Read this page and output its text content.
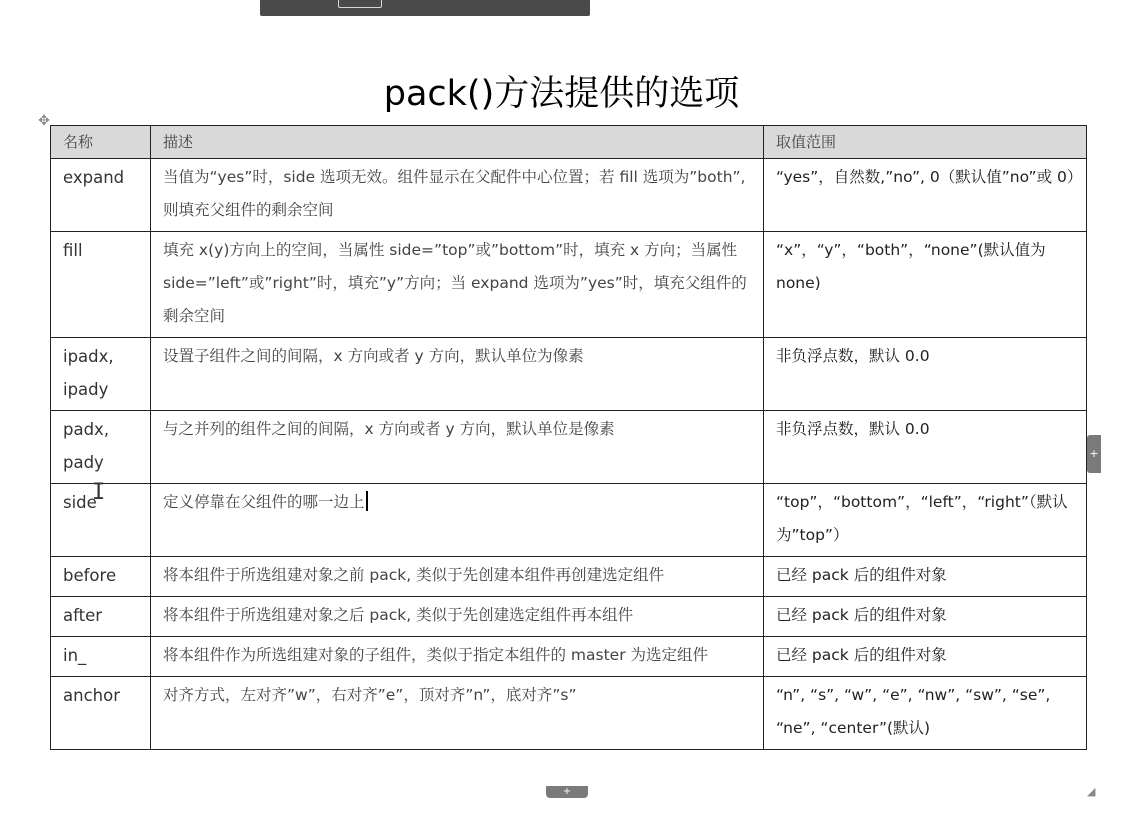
pack()方法提供的选项
✥
名称	描述	取值范围
expand	当值为“yes”时，side 选项无效。组件显示在父配件中心位置；若 fill 选项为”both”,则填充父组件的剩余空间	“yes”，自然数,”no”, 0（默认值”no”或 0）
fill	填充 x(y)方向上的空间，当属性 side=”top”或”bottom”时，填充 x 方向；当属性 side=”left”或”right”时，填充”y”方向；当 expand 选项为”yes”时，填充父组件的剩余空间	“x”，“y”，“both”，“none”(默认值为 none)
ipadx, ipady	设置子组件之间的间隔，x 方向或者 y 方向，默认单位为像素	非负浮点数，默认 0.0
padx, pady	与之并列的组件之间的间隔，x 方向或者 y 方向，默认单位是像素	非负浮点数，默认 0.0
side	定义停靠在父组件的哪一边上	“top”，“bottom”，“left”，“right”（默认为”top”）
before	将本组件于所选组建对象之前 pack, 类似于先创建本组件再创建选定组件	已经 pack 后的组件对象
after	将本组件于所选组建对象之后 pack, 类似于先创建选定组件再本组件	已经 pack 后的组件对象
in_	将本组件作为所选组建对象的子组件，类似于指定本组件的 master 为选定组件	已经 pack 后的组件对象
anchor	对齐方式，左对齐”w”，右对齐”e”，顶对齐”n”，底对齐”s”	“n”, “s”, “w”, “e”, “nw”, “sw”, “se”, “ne”, “center”(默认)
I
+
+	◢
